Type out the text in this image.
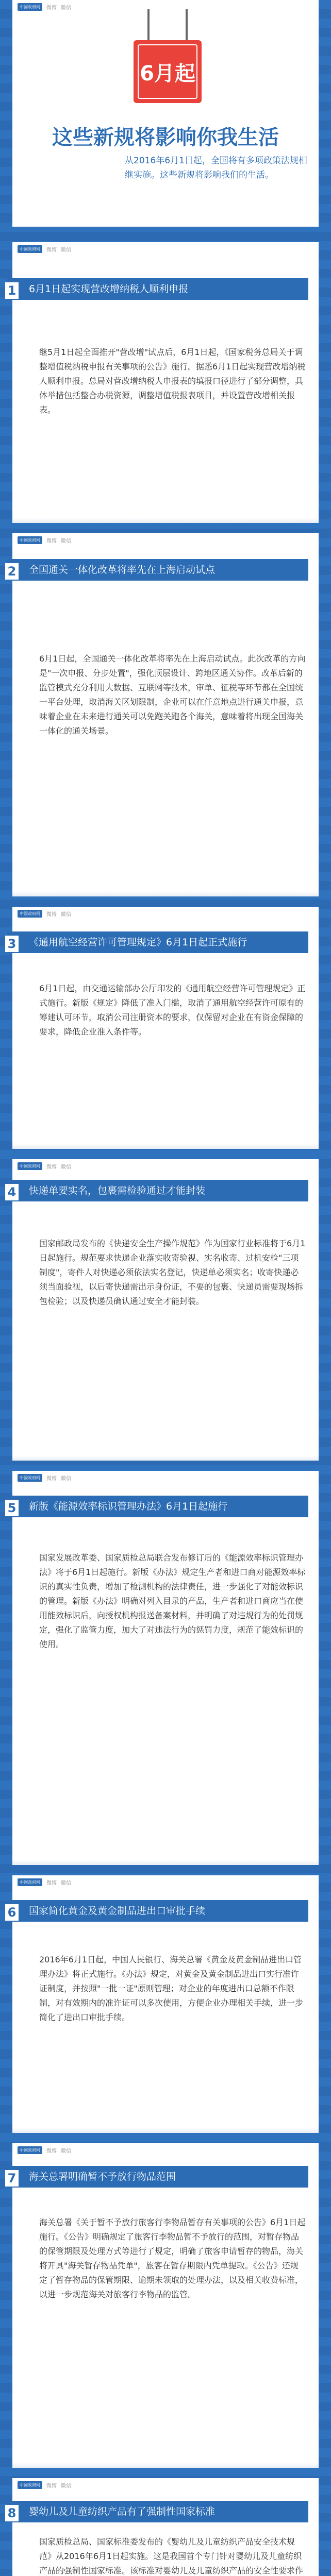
中国政府网	微博 微信
6月起
这些新规将影响你我生活
从2016年6月1日起，全国将有多项政策法规相继实施。这些新规将影响我们的生活。
中国政府网	微博 微信
1 6月1日起实现营改增纳税人顺利申报
继5月1日起全面推开"营改增"试点后，6月1日起，《国家税务总局关于调整增值税纳税申报有关事项的公告》施行。据悉6月1日起实现营改增纳税人顺利申报。总局对营改增纳税人申报表的填报口径进行了部分调整，具体举措包括整合办税资源，调整增值税报表项目，并设置营改增相关报表。
中国政府网	微博 微信
2 全国通关一体化改革将率先在上海启动试点
6月1日起，全国通关一体化改革将率先在上海启动试点。此次改革的方向是"一次申报、分步处置"，强化顶层设计、跨地区通关协作。改革后新的监管模式充分利用大数据、互联网等技术，审单、征税等环节都在全国统一平台处理，取消海关区划限制，企业可以在任意地点进行通关申报，意味着企业在未来进行通关可以免跑关跑各个海关，意味着将出现全国海关一体化的通关场景。
中国政府网	微博 微信
3 《通用航空经营许可管理规定》6月1日起正式施行
6月1日起，由交通运输部办公厅印发的《通用航空经营许可管理规定》正式施行。新版《规定》降低了准入门槛，取消了通用航空经营许可原有的筹建认可环节，取消公司注册资本的要求，仅保留对企业在有资金保障的要求，降低企业准入条件等。
中国政府网	微博 微信
4 快递单要实名，包裹需检验通过才能封装
国家邮政局发布的《快递安全生产操作规范》作为国家行业标准将于6月1日起施行。规范要求快递企业落实收寄验视、实名收寄、过机安检"三项制度"，寄件人对快递必须依法实名登记，快递单必须实名；收寄快递必须当面验视，以后寄快递需出示身份证，不要的包裹、快递员需要现场拆包检验；以及快递员确认通过安全才能封装。
中国政府网	微博 微信
5 新版《能源效率标识管理办法》6月1日起施行
国家发展改革委、国家质检总局联合发布修订后的《能源效率标识管理办法》将于6月1日起施行。新版《办法》规定生产者和进口商对能源效率标识的真实性负责，增加了检测机构的法律责任，进一步强化了对能效标识的管理。新版《办法》明确对列入目录的产品，生产者和进口商应当在使用能效标识后，向授权机构报送备案材料，并明确了对违规行为的处罚规定，强化了监管力度，加大了对违法行为的惩罚力度，规范了能效标识的使用。
中国政府网	微博 微信
6 国家简化黄金及黄金制品进出口审批手续
2016年6月1日起，中国人民银行、海关总署《黄金及黄金制品进出口管理办法》将正式施行。《办法》规定，对黄金及黄金制品进出口实行准许证制度，并按照"一批一证"原则管理；对企业的年度进出口总额不作限制，对有效期内的准许证可以多次使用，方便企业办理相关手续，进一步简化了进出口审批手续。
中国政府网	微博 微信
7 海关总署明确暂不予放行物品范围
海关总署《关于暂不予放行旅客行李物品暂存有关事项的公告》6月1日起施行。《公告》明确规定了旅客行李物品暂不予放行的范围，对暂存物品的保管期限及处理方式等进行了规定，明确了旅客申请暂存的物品，海关将开具"海关暂存物品凭单"，旅客在暂存期限内凭单提取。《公告》还规定了暂存物品的保管期限、逾期未领取的处理办法，以及相关收费标准，以进一步规范海关对旅客行李物品的监管。
中国政府网	微博 微信
8 婴幼儿及儿童纺织产品有了强制性国家标准
国家质检总局、国家标准委发布的《婴幼儿及儿童纺织产品安全技术规范》从2016年6月1日起实施。这是我国首个专门针对婴幼儿及儿童纺织产品的强制性国家标准。该标准对婴幼儿及儿童纺织产品的安全性要求作
